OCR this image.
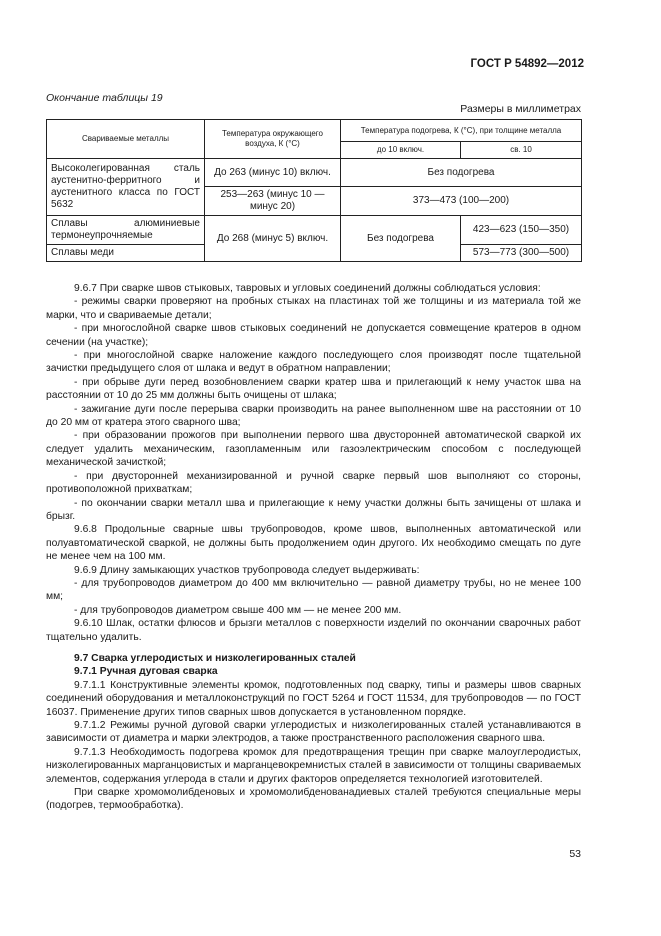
ГОСТ Р 54892—2012
Окончание таблицы 19
Размеры в миллиметрах
Свариваемые металлы	Температура окружающего воздуха, К (°С)	Температура подогрева, К (°С), при толщине металла	
		до 10 включ.	св. 10
Высоколегированная сталь аустенитно-ферритного и аустенитного класса по ГОСТ 5632	До 263 (минус 10) включ.	Без подогрева	
	253—263 (минус 10 — минус 20)	373—473 (100—200)	
Сплавы алюминиевые термонеупрочняемые	До 268 (минус 5) включ.	Без подогрева	423—623 (150—350)
Сплавы меди			573—773 (300—500)

9.6.7 При сварке швов стыковых, тавровых и угловых соединений должны соблюдаться условия:

- режимы сварки проверяют на пробных стыках на пластинах той же толщины и из материала той же марки, что и свариваемые детали;

- при многослойной сварке швов стыковых соединений не допускается совмещение кратеров в одном сечении (на участке);

- при многослойной сварке наложение каждого последующего слоя производят после тщательной зачистки предыдущего слоя от шлака и ведут в обратном направлении;

- при обрыве дуги перед возобновлением сварки кратер шва и прилегающий к нему участок шва на расстоянии от 10 до 25 мм должны быть очищены от шлака;

- зажигание дуги после перерыва сварки производить на ранее выполненном шве на расстоянии от 10 до 20 мм от кратера этого сварного шва;

- при образовании прожогов при выполнении первого шва двусторонней автоматической сваркой их следует удалить механическим, газопламенным или газоэлектрическим способом с последующей механической зачисткой;

- при двусторонней механизированной и ручной сварке первый шов выполняют со стороны, противоположной прихваткам;

- по окончании сварки металл шва и прилегающие к нему участки должны быть зачищены от шлака и брызг.

9.6.8 Продольные сварные швы трубопроводов, кроме швов, выполненных автоматической или полуавтоматической сваркой, не должны быть продолжением один другого. Их необходимо смещать по дуге не менее чем на 100 мм.

9.6.9 Длину замыкающих участков трубопровода следует выдерживать:

- для трубопроводов диаметром до 400 мм включительно — равной диаметру трубы, но не менее 100 мм;

- для трубопроводов диаметром свыше 400 мм — не менее 200 мм.

9.6.10 Шлак, остатки флюсов и брызги металлов с поверхности изделий по окончании сварочных работ тщательно удалить.

9.7 Сварка углеродистых и низколегированных сталей

9.7.1 Ручная дуговая сварка

9.7.1.1 Конструктивные элементы кромок, подготовленных под сварку, типы и размеры швов сварных соединений оборудования и металлоконструкций по ГОСТ 5264 и ГОСТ 11534, для трубопроводов — по ГОСТ 16037. Применение других типов сварных швов допускается в установленном порядке.

9.7.1.2 Режимы ручной дуговой сварки углеродистых и низколегированных сталей устанавливаются в зависимости от диаметра и марки электродов, а также пространственного расположения сварного шва.

9.7.1.3 Необходимость подогрева кромок для предотвращения трещин при сварке малоуглеродистых, низколегированных марганцовистых и марганцевокремнистых сталей в зависимости от толщины свариваемых элементов, содержания углерода в стали и других факторов определяется технологией изготовителей.

При сварке хромомолибденовых и хромомолибденованадиевых сталей требуются специальные меры (подогрев, термообработка).

53
